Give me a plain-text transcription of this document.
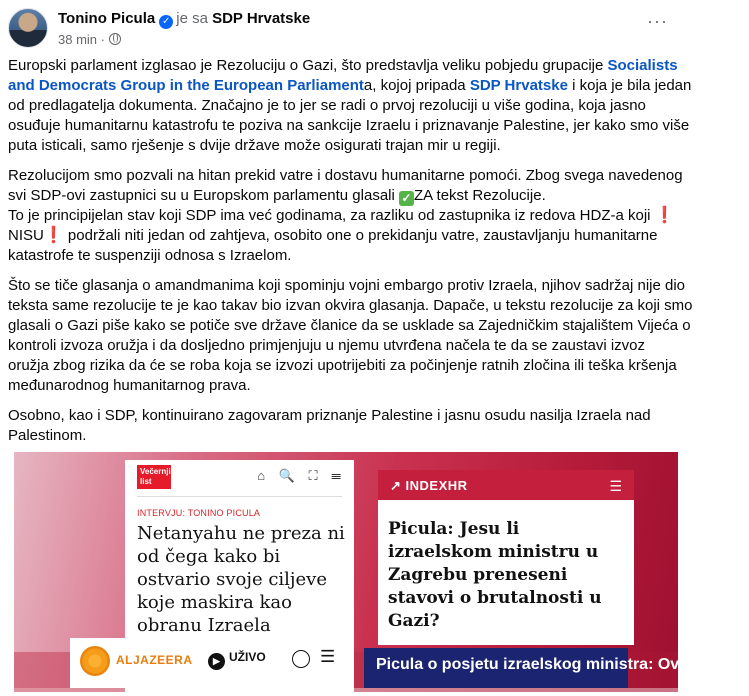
Tonino Picula ✓ je sa SDP Hrvatske
38 min ·
···

Europski parlament izglasao je Rezoluciju o Gazi, što predstavlja veliku pobjedu grupacije Socialists
and Democrats Group in the European Parliamenta, kojoj pripada SDP Hrvatske i koja je bila jedan
od predlagatelja dokumenta. Značajno je to jer se radi o prvoj rezoluciji u više godina, koja jasno
osuđuje humanitarnu katastrofu te poziva na sankcije Izraelu i priznavanje Palestine, jer kako smo više
puta isticali, samo rješenje s dvije države može osigurati trajan mir u regiji.

Rezolucijom smo pozvali na hitan prekid vatre i dostavu humanitarne pomoći. Zbog svega navedenog
svi SDP-ovi zastupnici su u Europskom parlamentu glasali ✓ ZA tekst Rezolucije.
To je principijelan stav koji SDP ima već godinama, za razliku od zastupnika iz redova HDZ-a koji ❗
NISU❗ podržali niti jedan od zahtjeva, osobito one o prekidanju vatre, zaustavljanju humanitarne
katastrofe te suspenziji odnosa s Izraelom.

Što se tiče glasanja o amandmanima koji spominju vojni embargo protiv Izraela, njihov sadržaj nije dio
teksta same rezolucije te je kao takav bio izvan okvira glasanja. Dapače, u tekstu rezolucije za koji smo
glasali o Gazi piše kako se potiče sve države članice da se usklade sa Zajedničkim stajalištem Vijeća o
kontroli izvoza oružja i da dosljedno primjenjuju u njemu utvrđena načela te da se zaustavi izvoz
oružja zbog rizika da će se roba koja se izvozi upotrijebiti za počinjenje ratnih zločina ili teška kršenja
međunarodnog humanitarnog prava.

Osobno, kao i SDP, kontinuirano zagovaram priznanje Palestine i jasnu osudu nasilja Izraela nad
Palestinom.

Večernji
list	⌂ 🔍 ⛶ ☰
INTERVJU: TONINO PICULA
Netanyahu ne preza ni od čega kako bi ostvario svoje ciljeve koje maskira kao obranu Izraela
↗ INDEXHR	☰
Picula: Jesu li izraelskom ministru u Zagrebu preneseni stavovi o brutalnosti u Gazi?
Picula o posjetu izraelskog ministra: Ova politika
ALJAZEERA	▶ UŽIVO	☰
